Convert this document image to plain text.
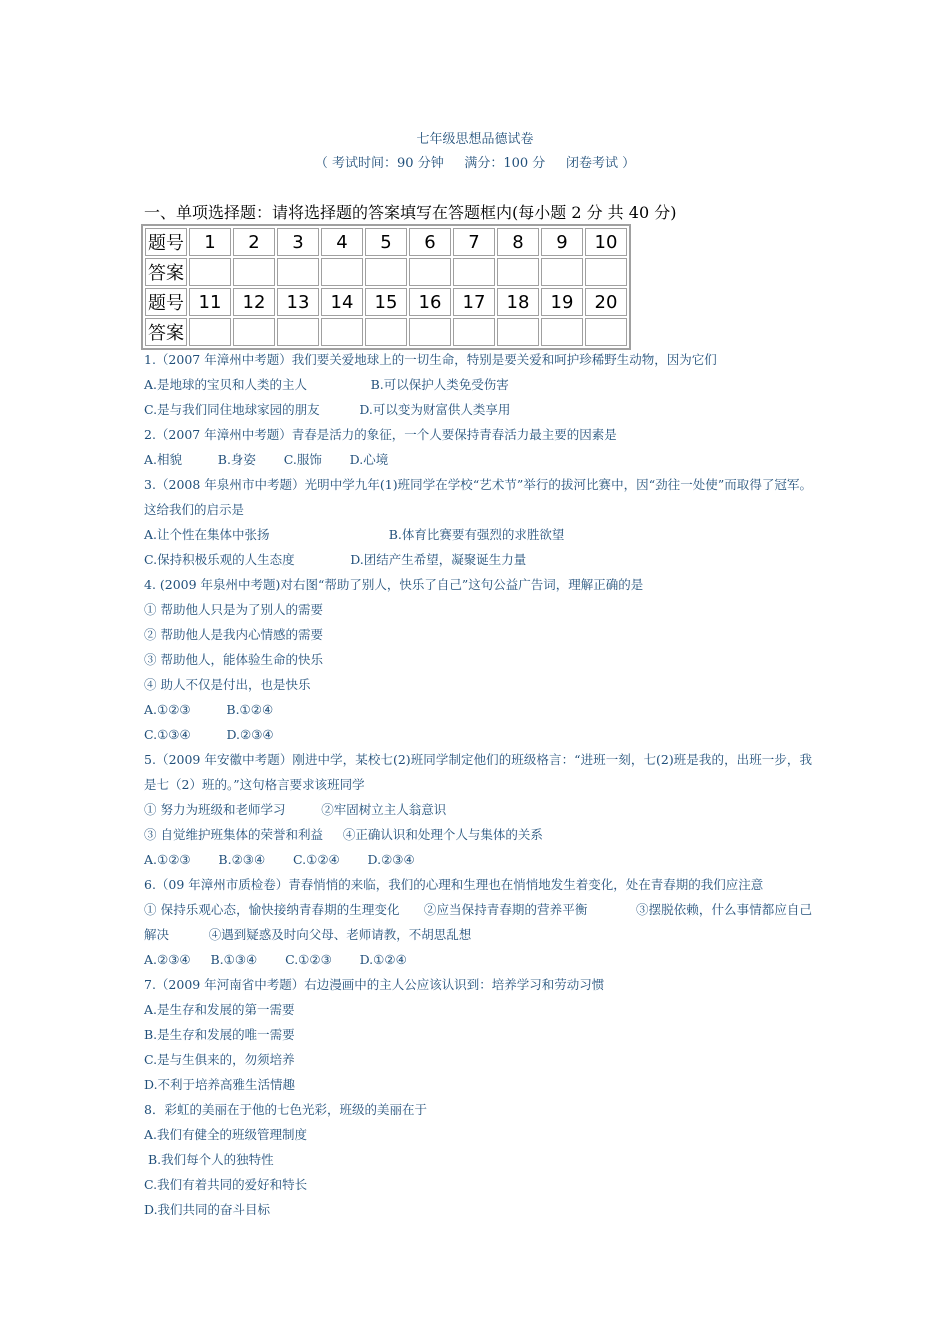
七年级思想品德试卷
（ 考试时间：90 分钟     满分：100 分     闭卷考试 ）
一、单项选择题：请将选择题的答案填写在答题框内(每小题 2 分 共 40 分)
题号	1	2	3	4	5	6	7	8	9	10
答案										
题号	11	12	13	14	15	16	17	18	19	20
答案										

1.（2007 年漳州中考题）我们要关爱地球上的一切生命，特别是要关爱和呵护珍稀野生动物，因为它们

A.是地球的宝贝和人类的主人                B.可以保护人类免受伤害

C.是与我们同住地球家园的朋友          D.可以变为财富供人类享用

2.（2007 年漳州中考题）青春是活力的象征，一个人要保持青春活力最主要的因素是

A.相貌         B.身姿       C.服饰       D.心境

3.（2008 年泉州市中考题）光明中学九年(1)班同学在学校“艺术节”举行的拔河比赛中，因“劲往一处使”而取得了冠军。这给我们的启示是

A.让个性在集体中张扬                              B.体育比赛要有强烈的求胜欲望

C.保持积极乐观的人生态度              D.团结产生希望，凝聚诞生力量

4. (2009 年泉州中考题)对右图“帮助了别人，快乐了自己”这句公益广告词，理解正确的是

① 帮助他人只是为了别人的需要

② 帮助他人是我内心情感的需要

③ 帮助他人，能体验生命的快乐

④ 助人不仅是付出，也是快乐

A.①②③         B.①②④

C.①③④         D.②③④

5.（2009 年安徽中考题）刚进中学，某校七(2)班同学制定他们的班级格言：“进班一刻，七(2)班是我的，出班一步，我是七（2）班的。”这句格言要求该班同学

① 努力为班级和老师学习         ②牢固树立主人翁意识

③ 自觉维护班集体的荣誉和利益     ④正确认识和处理个人与集体的关系

A.①②③       B.②③④       C.①②④       D.②③④

6.（09 年漳州市质检卷）青春悄悄的来临，我们的心理和生理也在悄悄地发生着变化，处在青春期的我们应注意

① 保持乐观心态，愉快接纳青春期的生理变化      ②应当保持青春期的营养平衡            ③摆脱依赖，什么事情都应自己解决          ④遇到疑惑及时向父母、老师请教，不胡思乱想

A.②③④     B.①③④       C.①②③       D.①②④

7.（2009 年河南省中考题）右边漫画中的主人公应该认识到：培养学习和劳动习惯

A.是生存和发展的第一需要

B.是生存和发展的唯一需要

C.是与生俱来的，勿须培养

D.不利于培养高雅生活情趣

8．彩虹的美丽在于他的七色光彩，班级的美丽在于

A.我们有健全的班级管理制度

B.我们每个人的独特性

C.我们有着共同的爱好和特长

D.我们共同的奋斗目标
